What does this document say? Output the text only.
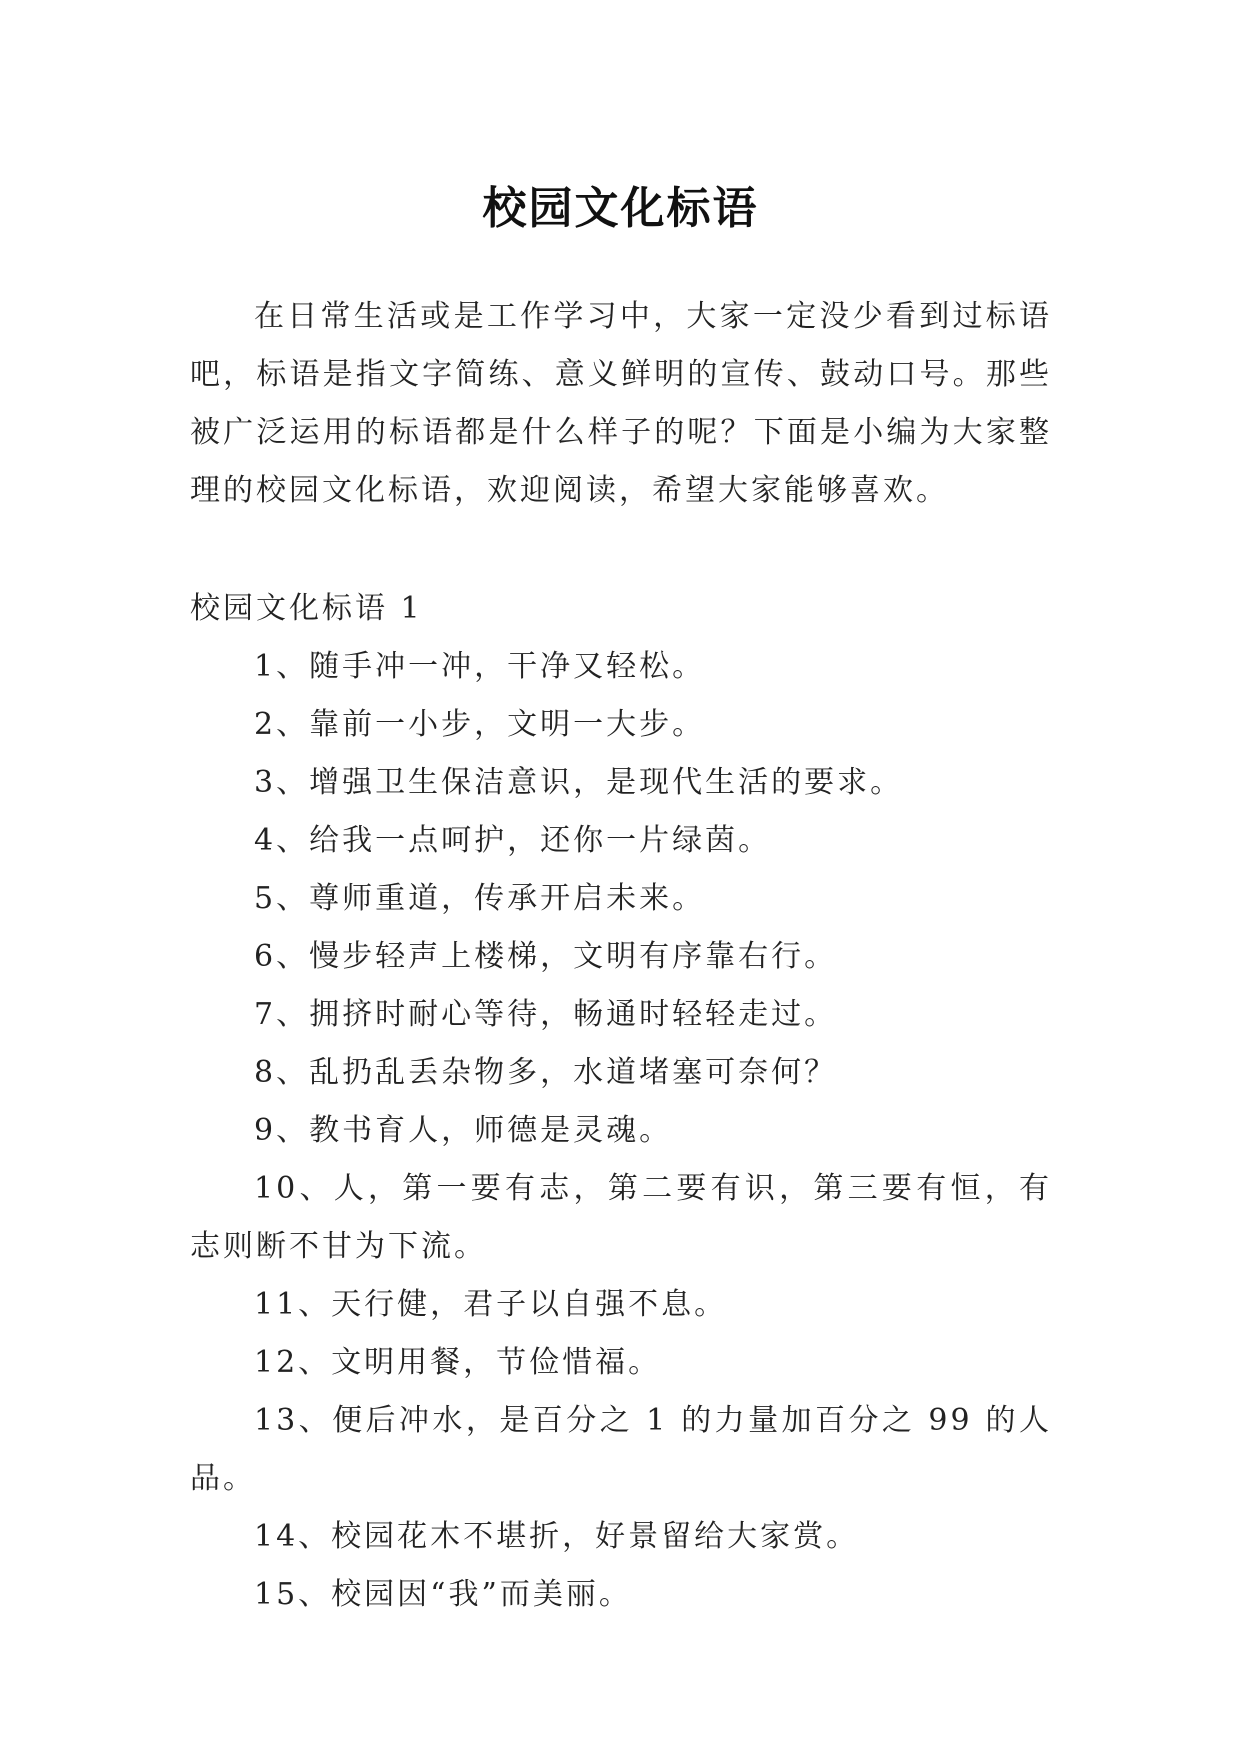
校园文化标语

在日常生活或是工作学习中，大家一定没少看到过标语吧，标语是指文字简练、意义鲜明的宣传、鼓动口号。那些被广泛运用的标语都是什么样子的呢？下面是小编为大家整理的校园文化标语，欢迎阅读，希望大家能够喜欢。

校园文化标语 1

1、随手冲一冲，干净又轻松。

2、靠前一小步，文明一大步。

3、增强卫生保洁意识，是现代生活的要求。

4、给我一点呵护，还你一片绿茵。

5、尊师重道，传承开启未来。

6、慢步轻声上楼梯，文明有序靠右行。

7、拥挤时耐心等待，畅通时轻轻走过。

8、乱扔乱丢杂物多，水道堵塞可奈何？

9、教书育人，师德是灵魂。

10、人，第一要有志，第二要有识，第三要有恒，有志则断不甘为下流。

11、天行健，君子以自强不息。

12、文明用餐，节俭惜福。

13、便后冲水，是百分之 1 的力量加百分之 99 的人品。

14、校园花木不堪折，好景留给大家赏。

15、校园因“我”而美丽。
